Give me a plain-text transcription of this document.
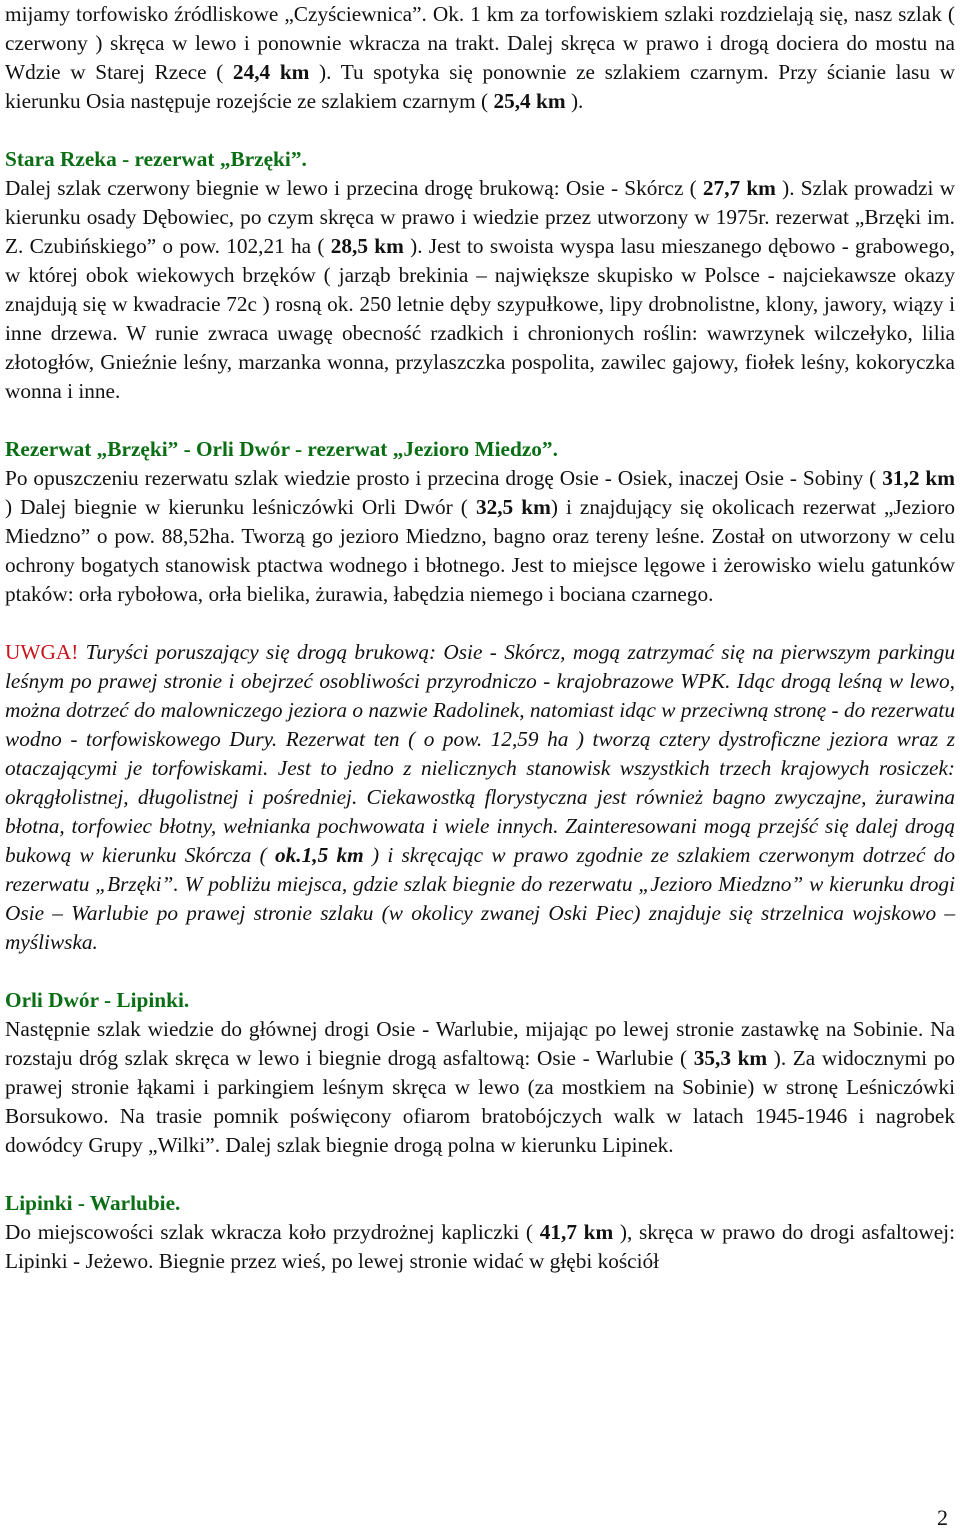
mijamy torfowisko źródliskowe „Czyściewnica”. Ok. 1 km za torfowiskiem szlaki rozdzielają się, nasz szlak ( czerwony ) skręca w lewo i ponownie wkracza na trakt. Dalej skręca w prawo i drogą dociera do mostu na Wdzie w Starej Rzece ( 24,4 km ). Tu spotyka się ponownie ze szlakiem czarnym. Przy ścianie lasu w kierunku Osia następuje rozejście ze szlakiem czarnym ( 25,4 km ).

Stara Rzeka - rezerwat „Brzęki”.
Dalej szlak czerwony biegnie w lewo i przecina drogę brukową: Osie - Skórcz ( 27,7 km ). Szlak prowadzi w kierunku osady Dębowiec, po czym skręca w prawo i wiedzie przez utworzony w 1975r. rezerwat „Brzęki im. Z. Czubińskiego” o pow. 102,21 ha ( 28,5 km ). Jest to swoista wyspa lasu mieszanego dębowo - grabowego, w której obok wiekowych brzęków ( jarząb brekinia – największe skupisko w Polsce - najciekawsze okazy znajdują się w kwadracie 72c ) rosną ok. 250 letnie dęby szypułkowe, lipy drobnolistne, klony, jawory, wiązy i inne drzewa. W runie zwraca uwagę obecność rzadkich i chronionych roślin: wawrzynek wilczełyko, lilia złotogłów, Gnieźnie leśny, marzanka wonna, przylaszczka pospolita, zawilec gajowy, fiołek leśny, kokoryczka wonna i inne.

Rezerwat „Brzęki” - Orli Dwór - rezerwat „Jezioro Miedzo”.
Po opuszczeniu rezerwatu szlak wiedzie prosto i przecina drogę Osie - Osiek, inaczej Osie - Sobiny ( 31,2 km ) Dalej biegnie w kierunku leśniczówki Orli Dwór ( 32,5 km) i znajdujący się okolicach rezerwat „Jezioro Miedzno” o pow. 88,52ha. Tworzą go jezioro Miedzno, bagno oraz tereny leśne. Został on utworzony w celu ochrony bogatych stanowisk ptactwa wodnego i błotnego. Jest to miejsce lęgowe i żerowisko wielu gatunków ptaków: orła rybołowa, orła bielika, żurawia, łabędzia niemego i bociana czarnego.

UWGA! Turyści poruszający się drogą brukową: Osie - Skórcz, mogą zatrzymać się na pierwszym parkingu leśnym po prawej stronie i obejrzeć osobliwości przyrodniczo - krajobrazowe WPK. Idąc drogą leśną w lewo, można dotrzeć do malowniczego jeziora o nazwie Radolinek, natomiast idąc w przeciwną stronę - do rezerwatu wodno - torfowiskowego Dury. Rezerwat ten ( o pow. 12,59 ha ) tworzą cztery dystroficzne jeziora wraz z otaczającymi je torfowiskami. Jest to jedno z nielicznych stanowisk wszystkich trzech krajowych rosiczek: okrągłolistnej, długolistnej i pośredniej. Ciekawostką florystyczna jest również bagno zwyczajne, żurawina błotna, torfowiec błotny, wełnianka pochwowata i wiele innych. Zainteresowani mogą przejść się dalej drogą bukową w kierunku Skórcza ( ok.1,5 km ) i skręcając w prawo zgodnie ze szlakiem czerwonym dotrzeć do rezerwatu „Brzęki”. W pobliżu miejsca, gdzie szlak biegnie do rezerwatu „Jezioro Miedzno” w kierunku drogi Osie – Warlubie po prawej stronie szlaku (w okolicy zwanej Oski Piec) znajduje się strzelnica wojskowo – myśliwska.

Orli Dwór - Lipinki.
Następnie szlak wiedzie do głównej drogi Osie - Warlubie, mijając po lewej stronie zastawkę na Sobinie. Na rozstaju dróg szlak skręca w lewo i biegnie drogą asfaltową: Osie - Warlubie ( 35,3 km ). Za widocznymi po prawej stronie łąkami i parkingiem leśnym skręca w lewo (za mostkiem na Sobinie) w stronę Leśniczówki Borsukowo. Na trasie pomnik poświęcony ofiarom bratobójczych walk w latach 1945-1946 i nagrobek dowódcy Grupy „Wilki”. Dalej szlak biegnie drogą polna w kierunku Lipinek.

Lipinki - Warlubie.
Do miejscowości szlak wkracza koło przydrożnej kapliczki ( 41,7 km ), skręca w prawo do drogi asfaltowej: Lipinki - Jeżewo. Biegnie przez wieś, po lewej stronie widać w głębi kościół

2
